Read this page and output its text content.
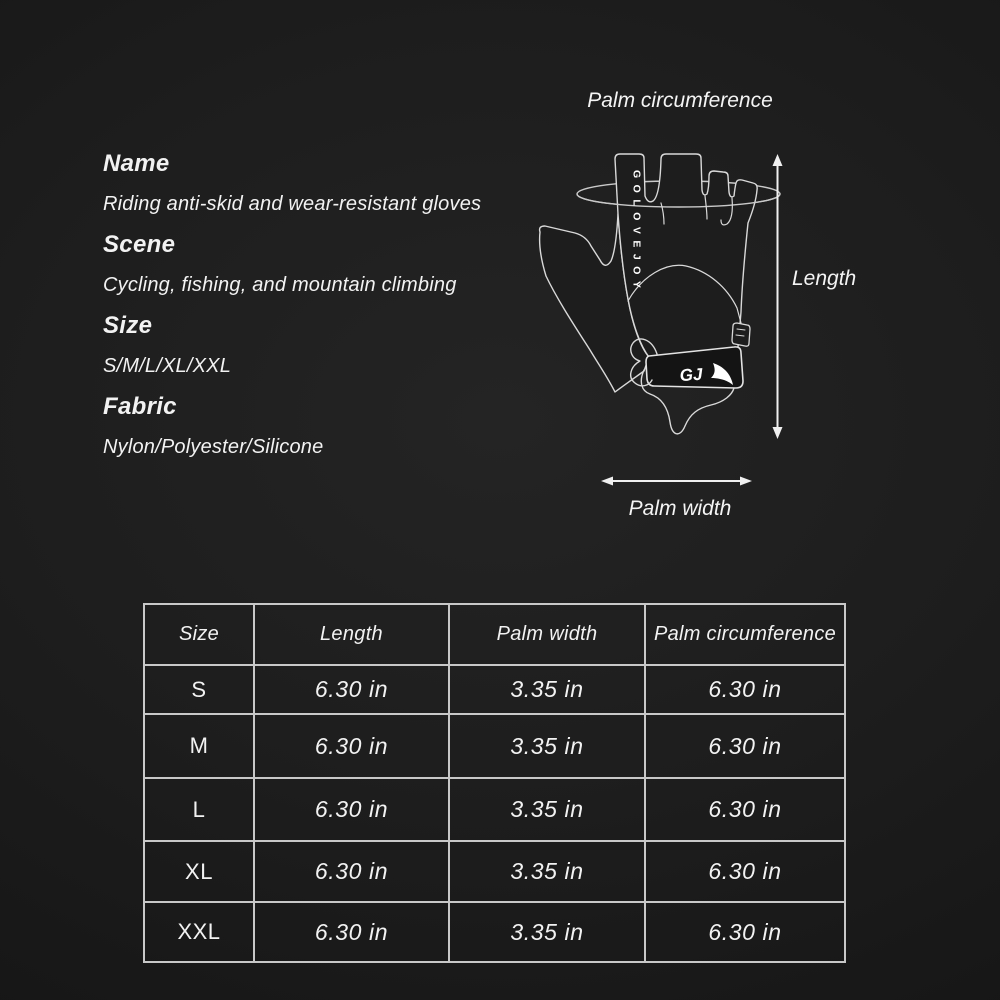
Name
Riding anti-skid and wear-resistant gloves
Scene
Cycling, fishing, and mountain climbing
Size
S/M/L/XL/XXL
Fabric
Nylon/Polyester/Silicone
Palm circumference
GOLOVEJOY
GJ
Length
Palm width
Size	Length	Palm width	Palm circumference
S	6.30 in	3.35 in	6.30 in
M	6.30 in	3.35 in	6.30 in
L	6.30 in	3.35 in	6.30 in
XL	6.30 in	3.35 in	6.30 in
XXL	6.30 in	3.35 in	6.30 in
